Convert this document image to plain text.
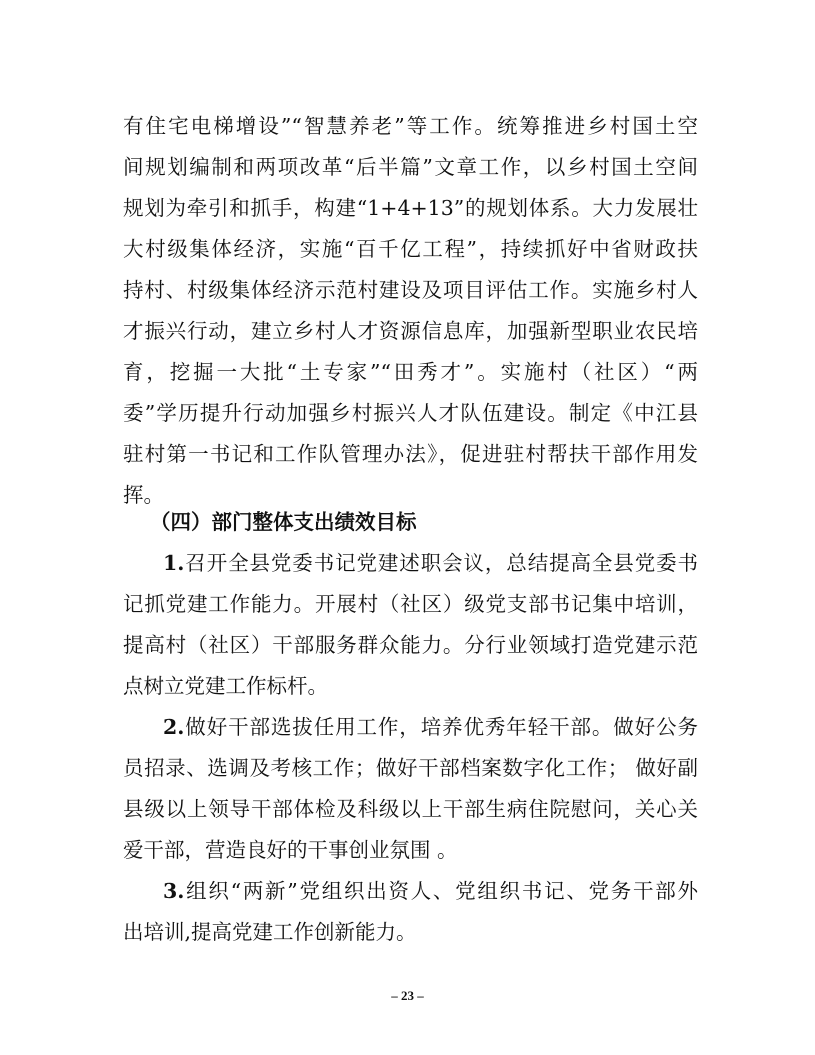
有住宅电梯增设”“智慧养老”等工作。统筹推进乡村国土空
间规划编制和两项改革“后半篇”文章工作，以乡村国土空间
规划为牵引和抓手，构建“1+4+13”的规划体系。大力发展壮
大村级集体经济，实施“百千亿工程”，持续抓好中省财政扶
持村、村级集体经济示范村建设及项目评估工作。实施乡村人
才振兴行动，建立乡村人才资源信息库，加强新型职业农民培
育，挖掘一大批“土专家”“田秀才”。实施村（社区）“两
委”学历提升行动加强乡村振兴人才队伍建设。制定《中江县
驻村第一书记和工作队管理办法》，促进驻村帮扶干部作用发
挥。
（四）部门整体支出绩效目标
1.召开全县党委书记党建述职会议，总结提高全县党委书
记抓党建工作能力。开展村（社区）级党支部书记集中培训，
提高村（社区）干部服务群众能力。分行业领域打造党建示范
点树立党建工作标杆。
2.做好干部选拔任用工作，培养优秀年轻干部。做好公务
员招录、选调及考核工作；做好干部档案数字化工作； 做好副
县级以上领导干部体检及科级以上干部生病住院慰问，关心关
爱干部，营造良好的干事创业氛围 。
3.组织“两新”党组织出资人、党组织书记、党务干部外
出培训,提高党建工作创新能力。
– 23 –
